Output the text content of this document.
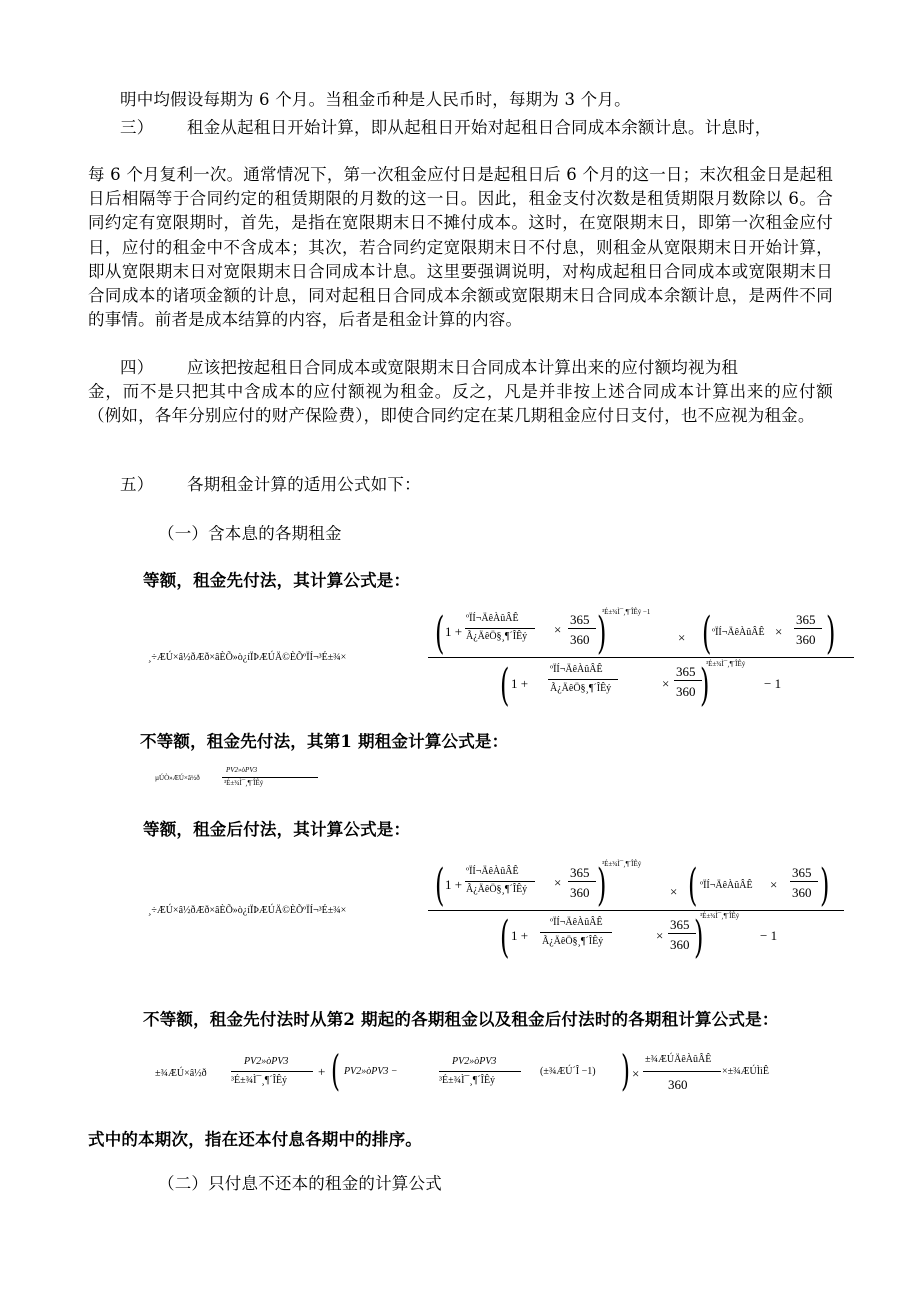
明中均假设每期为 6 个月。当租金币种是人民币时，每期为 3 个月。
三） 租金从起租日开始计算，即从起租日开始对起租日合同成本余额计息。计息时，
每 6 个月复利一次。通常情况下，第一次租金应付日是起租日后 6 个月的这一日；末次租金日是起租日后相隔等于合同约定的租赁期限的月数的这一日。因此，租金支付次数是租赁期限月数除以 6。合同约定有宽限期时，首先，是指在宽限期末日不摊付成本。这时，在宽限期末日，即第一次租金应付日，应付的租金中不含成本；其次，若合同约定宽限期末日不付息，则租金从宽限期末日开始计算，即从宽限期末日对宽限期末日合同成本计息。这里要强调说明，对构成起租日合同成本或宽限期末日合同成本的诸项金额的计息，同对起租日合同成本余额或宽限期末日合同成本余额计息，是两件不同的事情。前者是成本结算的内容，后者是租金计算的内容。
四） 应该把按起租日合同成本或宽限期末日合同成本计算出来的应付额均视为租
金，而不是只把其中含成本的应付额视为租金。反之，凡是并非按上述合同成本计算出来的应付额（例如，各年分别应付的财产保险费），即使合同约定在某几期租金应付日支付，也不应视为租金。
五） 各期租金计算的适用公式如下：
（一）含本息的各期租金
等额，租金先付法，其计算公式是：
¸÷ÆÚ×â½ðÆð×âÈÕ»ò¿íÏÞÆÚÄ©ÈÕºÏÍ¬³É±¾× ( 1 +
ºÏÍ¬ÄêÀûÂÊ
Ã¿ÄêÖ§¸¶´ÎÊý ×
365
360 )
³É±¾Ì¯¸¶´ÎÊý −1
× ( ºÏÍ¬ÄêÀûÂÊ ×
365
360 )
( 1 +
ºÏÍ¬ÄêÀûÂÊ
Ã¿ÄêÖ§¸¶´ÎÊý	×
365
360 )
³É±¾Ì¯¸¶´ÎÊý
− 1
不等额，租金先付法，其第1 期租金计算公式是：
µÚÒ»ÆÚ×â½ð
PV2»òPV3
³É±¾Ì¯¸¶´ÎÊý
等额，租金后付法，其计算公式是：
¸÷ÆÚ×â½ðÆð×âÈÕ»ò¿íÏÞÆÚÄ©ÈÕºÏÍ¬³É±¾× ( 1 +
ºÏÍ¬ÄêÀûÂÊ
Ã¿ÄêÖ§¸¶´ÎÊý ×
365
360 )
³É±¾Ì¯¸¶´ÎÊý
× ( ºÏÍ¬ÄêÀûÂÊ ×
365
360 )
( 1 +
ºÏÍ¬ÄêÀûÂÊ
Ã¿ÄêÖ§¸¶´ÎÊý	×
365
360 )
³É±¾Ì¯¸¶´ÎÊý
− 1
不等额，租金先付法时从第2 期起的各期租金以及租金后付法时的各期租计算公式是：
±¾ÆÚ×â½ð
PV2»òPV3
³É±¾Ì¯¸¶´ÎÊý
+ ( PV2»òPV3 −
PV2»òPV3
³É±¾Ì¯¸¶´ÎÊý
(±¾ÆÚ´Î −1) ) ×
±¾ÆÚÄêÀûÂÊ
360
×±¾ÆÚÌìÊ
式中的本期次，指在还本付息各期中的排序。
（二）只付息不还本的租金的计算公式
